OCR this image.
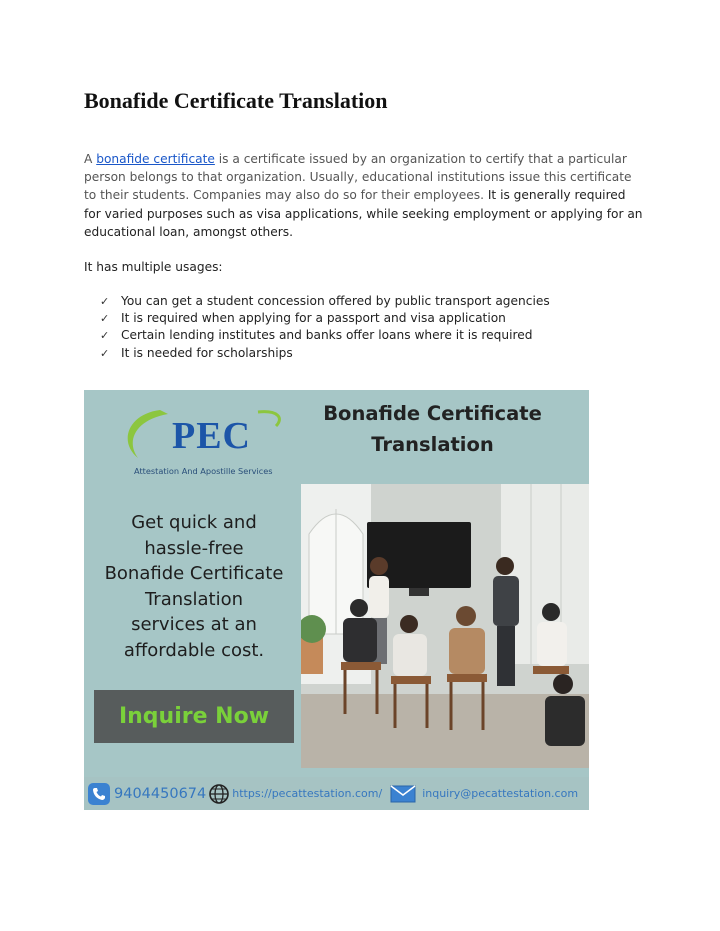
Bonafide Certificate Translation

A bonafide certificate is a certificate issued by an organization to certify that a particular person belongs to that organization. Usually, educational institutions issue this certificate to their students. Companies may also do so for their employees. It is generally required for varied purposes such as visa applications, while seeking employment or applying for an educational loan, amongst others.

It has multiple usages:

✓ You can get a student concession offered by public transport agencies
✓ It is required when applying for a passport and visa application
✓ Certain lending institutes and banks offer loans where it is required
✓ It is needed for scholarships
PEC
Attestation And Apostille Services
Bonafide Certificate
Translation
Get quick and
hassle-free
Bonafide Certificate
Translation
services at an
affordable cost.
Inquire Now
9404450674 https://pecattestation.com/	inquiry@pecattestation.com
